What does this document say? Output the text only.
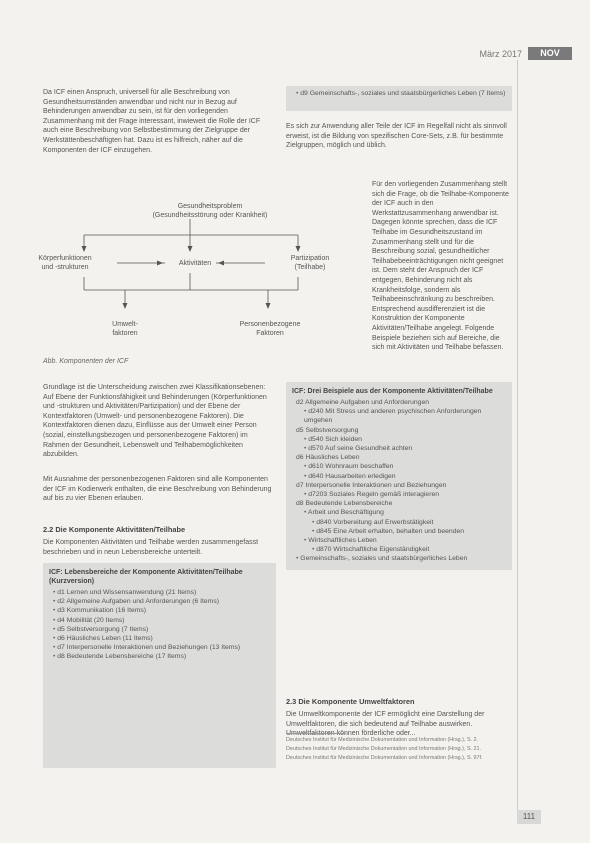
März 2017	NOV

Da ICF einen Anspruch, universell für alle Beschreibung von Gesundheitsumständen anwendbar und nicht nur in Bezug auf Behinderungen anwendbar zu sein, ist für den vorliegenden Zusammenhang mit der Frage interessant, inwieweit die Rolle der ICF auch eine Beschreibung von Selbstbestimmung der Zielgruppe der Werkstättenbeschäftigten hat. Dazu ist es hilfreich, näher auf die Komponenten der ICF einzugehen.

Gesundheitsproblem
(Gesundheitsstörung oder Krankheit)
Körperfunktionen
und -strukturen
Aktivitäten
Partizipation
(Teilhabe)
Umwelt-
faktoren
Personenbezogene
Faktoren
Abb. Komponenten der ICF

Grundlage ist die Unterscheidung zwischen zwei Klassifikationsebenen: Auf Ebene der Funktionsfähigkeit und Behinderungen (Körperfunktionen und -strukturen und Aktivitäten/Partizipation) und der Ebene der Kontextfaktoren (Umwelt- und personenbezogene Faktoren). Die Kontextfaktoren dienen dazu, Einflüsse aus der Umwelt einer Person (sozial, einstellungsbezogen und personenbezogene Faktoren) im Rahmen der Gesundheit, Lebenswelt und Teilhabemöglichkeiten abzubilden.

Mit Ausnahme der personenbezogenen Faktoren sind alle Komponenten der ICF im Kodierwerk enthalten, die eine Beschreibung von Behinderung auf bis zu vier Ebenen erlauben.

2.2 Die Komponente Aktivitäten/Teilhabe

Die Komponenten Aktivitäten und Teilhabe werden zusammengefasst beschrieben und in neun Lebensbereiche unterteilt.

ICF: Lebensbereiche der Komponente Aktivitäten/Teilhabe (Kurzversion)
• d1 Lernen und Wissensanwendung (21 Items)
• d2 Allgemeine Aufgaben und Anforderungen (6 Items)
• d3 Kommunikation (16 Items)
• d4 Mobilität (20 Items)
• d5 Selbstversorgung (7 Items)
• d6 Häusliches Leben (11 Items)
• d7 Interpersonelle Interaktionen und Beziehungen (13 Items)
• d8 Bedeutende Lebensbereiche (17 Items)
• d9 Gemeinschafts-, soziales und staatsbürgerliches Leben (7 Items)

Es sich zur Anwendung aller Teile der ICF im Regelfall nicht als sinnvoll erweist, ist die Bildung von spezifischen Core-Sets, z.B. für bestimmte Zielgruppen, möglich und üblich.

Für den vorliegenden Zusammenhang stellt sich die Frage, ob die Teilhabe-Komponente der ICF auch in den Werkstattzusammenhang anwendbar ist. Dagegen könnte sprechen, dass die ICF Teilhabe im Gesundheitszustand im Zusammenhang stellt und für die Beschreibung sozial, gesundheitlicher Teilhabebeeinträchtigungen nicht geeignet ist. Dem steht der Anspruch der ICF entgegen, Behinderung nicht als Krankheitsfolge, sondern als Teilhabeeinschränkung zu beschreiben. Entsprechend ausdifferenziert ist die Konstruktion der Komponente Aktivitäten/Teilhabe angelegt. Folgende Beispiele beziehen sich auf Bereiche, die sich mit Aktivitäten und Teilhabe befassen.

ICF: Drei Beispiele aus der Komponente Aktivitäten/Teilhabe
d2 Allgemeine Aufgaben und Anforderungen
• d240 Mit Stress und anderen psychischen Anforderungen umgehen
d5 Selbstversorgung
• d540 Sich kleiden
• d570 Auf seine Gesundheit achten
d6 Häusliches Leben
• d610 Wohnraum beschaffen
• d640 Hausarbeiten erledigen
d7 Interpersonelle Interaktionen und Beziehungen
• d7203 Soziales Regeln gemäß interagieren
d8 Bedeutende Lebensbereiche
• Arbeit und Beschäftigung
• d840 Vorbereitung auf Erwerbstätigkeit
• d845 Eine Arbeit erhalten, behalten und beenden
• Wirtschaftliches Leben
• d870 Wirtschaftliche Eigenständigkeit
• Gemeinschafts-, soziales und staatsbürgerliches Leben
2.3 Die Komponente Umweltfaktoren

Die Umweltkomponente der ICF ermöglicht eine Darstellung der Umweltfaktoren, die sich bedeutend auf Teilhabe auswirken. Umweltfaktoren können förderliche oder...

Deutsches Institut für Medizinische Dokumentation und Information (Hrsg.), S. 2.

Deutsches Institut für Medizinische Dokumentation und Information (Hrsg.), S. 21.

Deutsches Institut für Medizinische Dokumentation und Information (Hrsg.), S. 97f.

111
